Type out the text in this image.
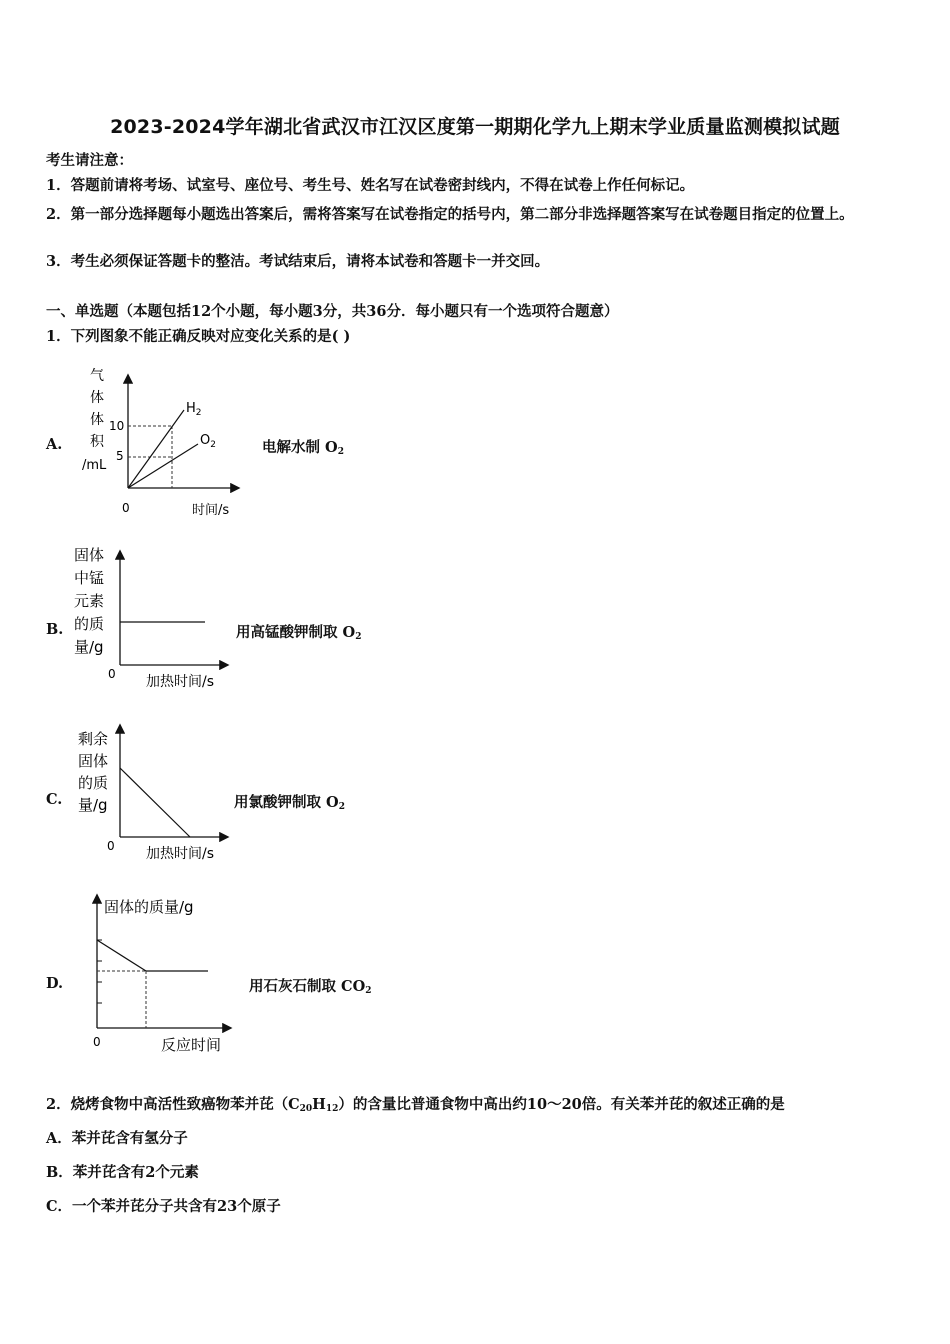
2023-2024学年湖北省武汉市江汉区度第一期期化学九上期末学业质量监测模拟试题
考生请注意：
1．答题前请将考场、试室号、座位号、考生号、姓名写在试卷密封线内，不得在试卷上作任何标记。
2．第一部分选择题每小题选出答案后，需将答案写在试卷指定的括号内，第二部分非选择题答案写在试卷题目指定的位置上。
3．考生必须保证答题卡的整洁。考试结束后，请将本试卷和答题卡一并交回。
一、单选题（本题包括12个小题，每小题3分，共36分．每小题只有一个选项符合题意）
1．下列图象不能正确反映对应变化关系的是( )
A.
气
体
体
积
/mL
10
5
$H_2$
$O_2$
0	时间/s
电解水制 $O_2$
B.
固体
中锰
元素
的质
量/g
0 加热时间/s
用高锰酸钾制取 $O_2$
C.
剩余
固体
的质
量/g
0 加热时间/s
用氯酸钾制取 $O_2$
D.
固体的质量/g
0	反应时间
用石灰石制取 $CO_2$
2．烧烤食物中高活性致癌物苯并芘$(C_{20}H_{12})$的含量比普通食物中高出约10～20倍。有关苯并芘的叙述正确的是
A．苯并芘含有氢分子
B．苯并芘含有2个元素
C．一个苯并芘分子共含有23个原子
